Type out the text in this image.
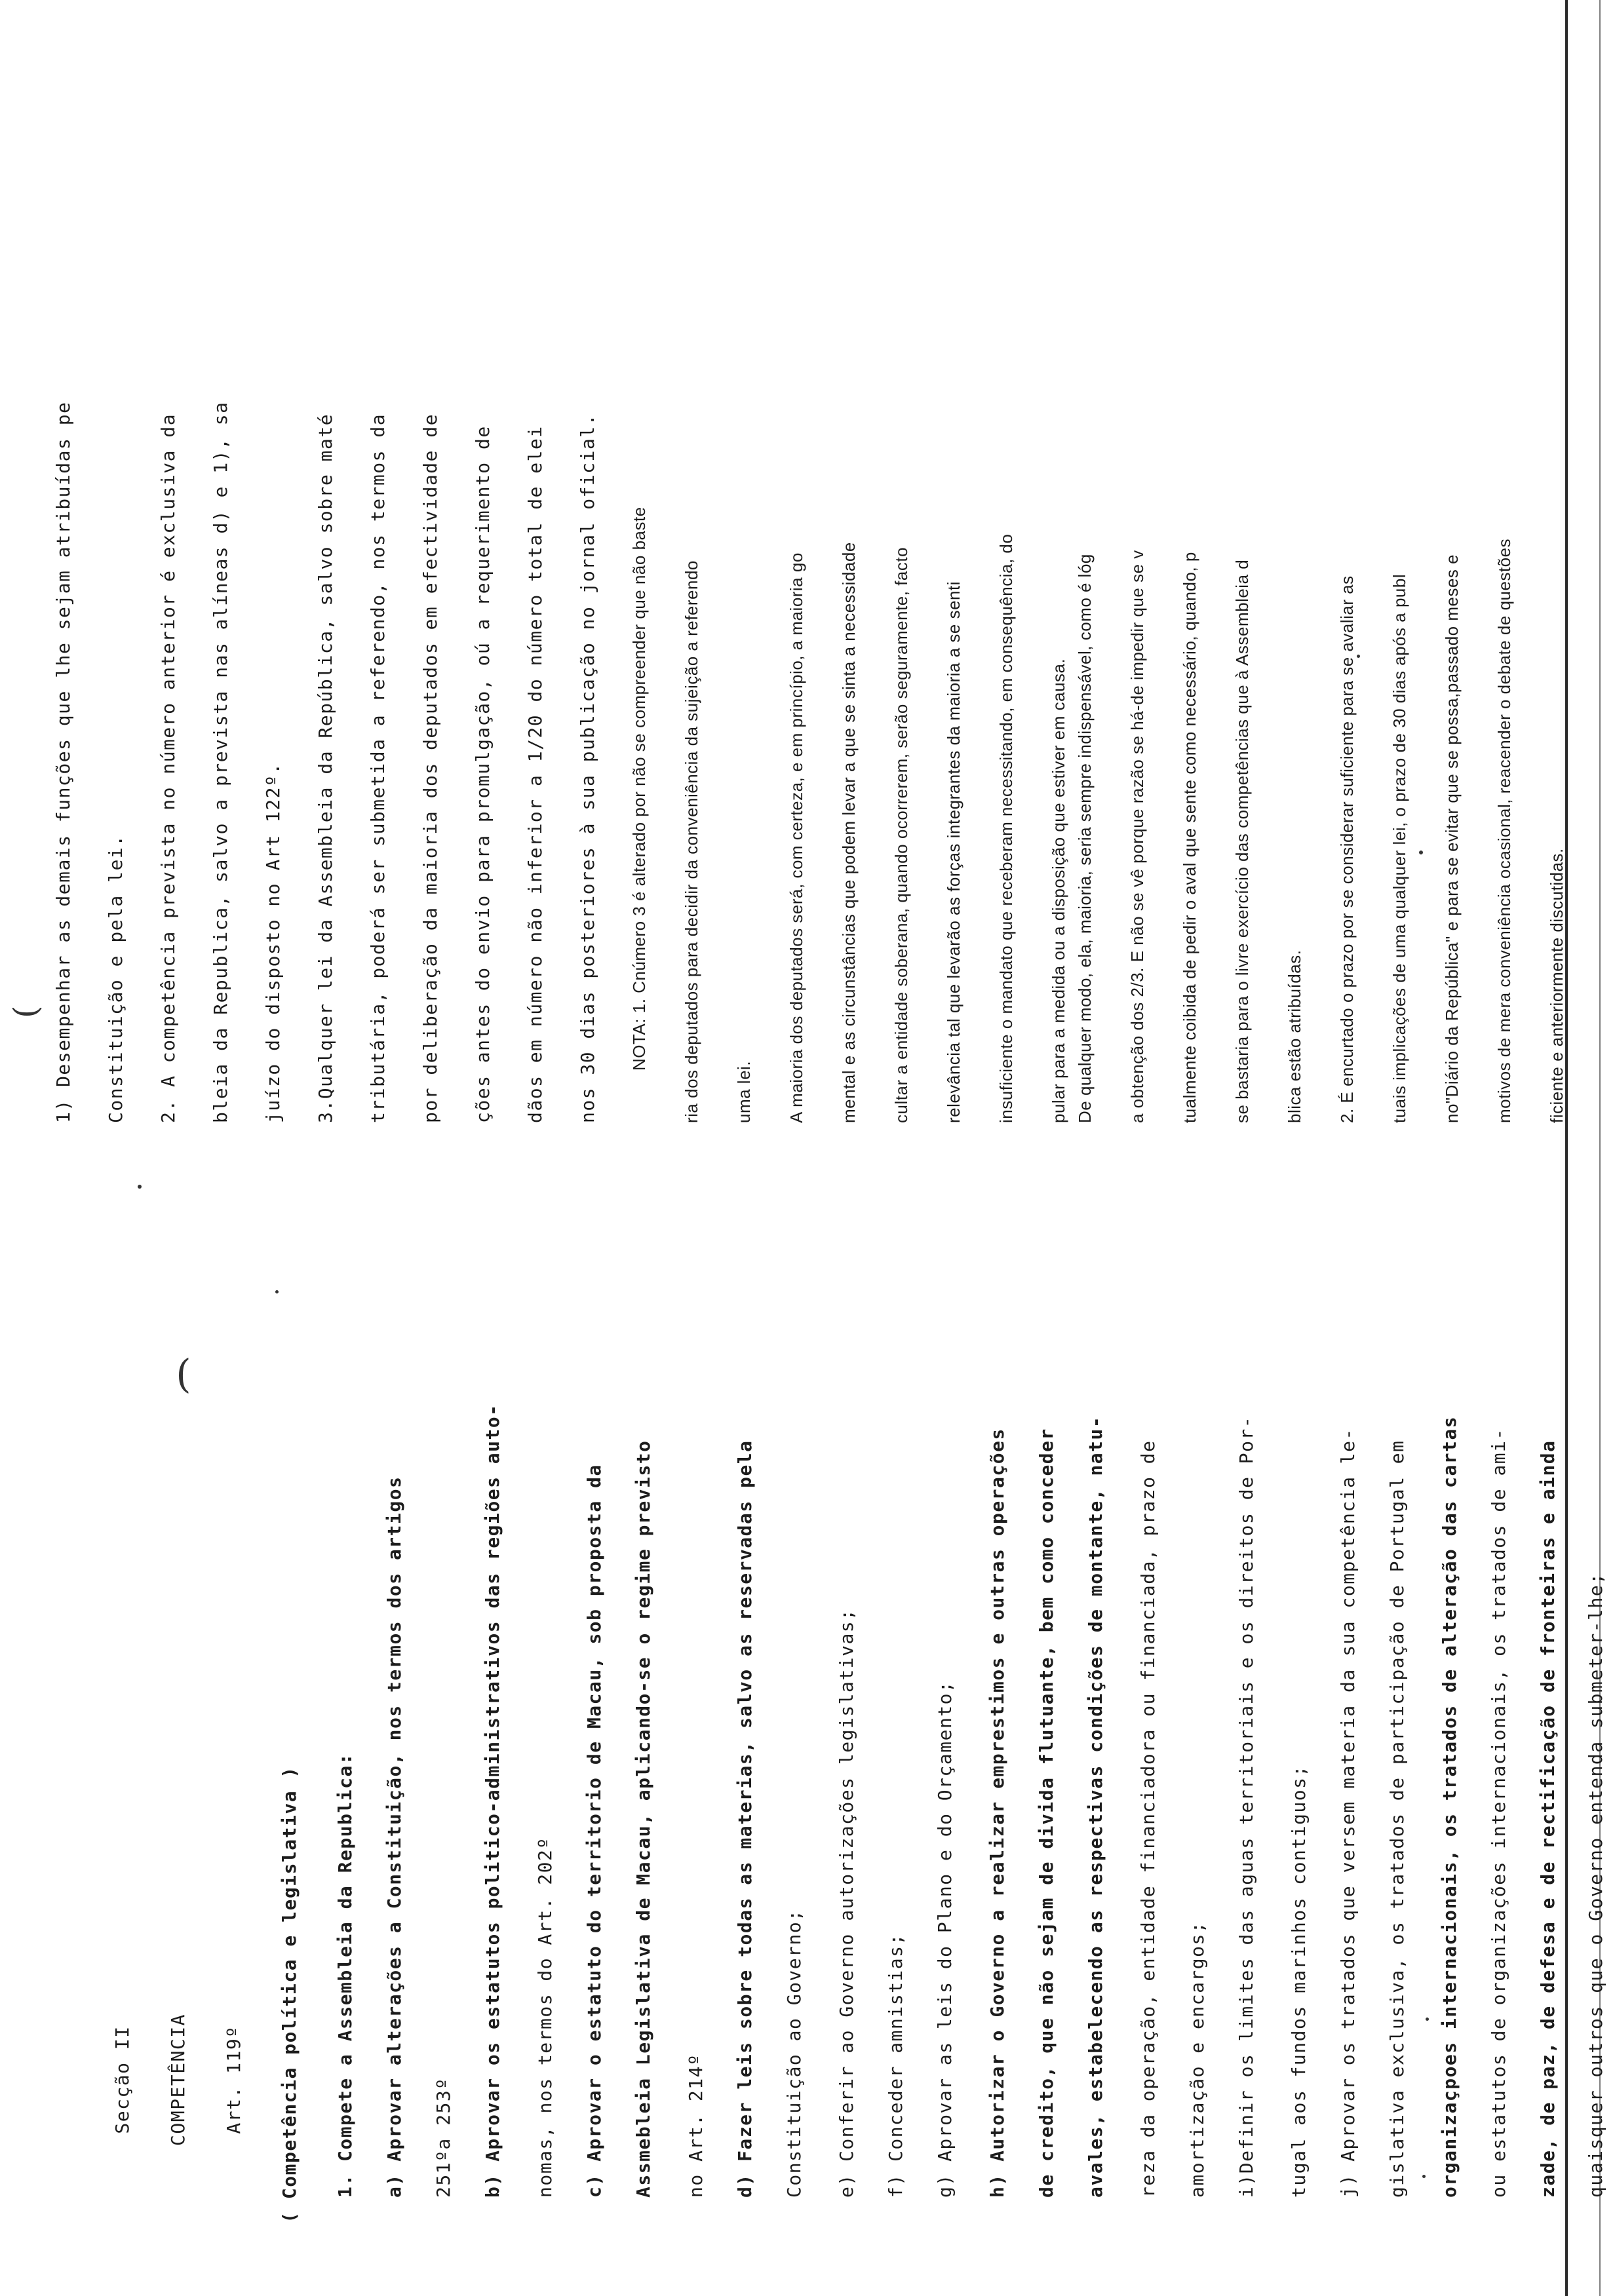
(
(
Secção II COMPETÊNCIA Art. 119º ( Competência política e legislativa ) 1. Compete a Assembleia da Republica: a) Aprovar alterações a Constituição, nos termos dos artigos 251ºa 253º b) Aprovar os estatutos politico-administrativos das regiões auto- nomas, nos termos do Art. 202º c) Aprovar o estatuto do territorio de Macau, sob proposta da Assmebleia Legislativa de Macau, aplicando-se o regime previsto no Art. 214º d) Fazer leis sobre todas as materias, salvo as reservadas pela Constituição ao Governo; e) Conferir ao Governo autorizações legislativas; f) Conceder amnistias; g) Aprovar as leis do Plano e do Orçamento; h) Autorizar o Governo a realizar emprestimos e outras operações de credito, que não sejam de divida flutuante, bem como conceder avales, estabelecendo as respectivas condições de montante, natu- reza da operação, entidade financiadora ou financiada, prazo de amortização e encargos; i)Definir os limites das aguas territoriais e os direitos de Por- tugal aos fundos marinhos contiguos; j) Aprovar os tratados que versem materia da sua competência le- gislativa exclusiva, os tratados de participação de Portugal em organizaçpoes internacionais, os tratados de alteração das cartas ou estatutos de organizações internacionais, os tratados de ami- zade, de paz, de defesa e de rectificação de fronteiras e ainda quaisquer outros que o Governo entenda submeter-lhe;
1) Desempenhar as demais funções que lhe sejam atribuídas pe Constituição e pela lei. 2. A competência prevista no número anterior é exclusiva da bleia da Republica, salvo a prevista nas alíneas d) e 1), sa juízo do disposto no Art 122º. 3.Qualquer lei da Assembleia da República, salvo sobre maté tributária, poderá ser submetida a referendo, nos termos da por deliberação da maioria dos deputados em efectividade de ções antes do envio para promulgação, oú a requerimento de dãos em número não inferior a 1/20 do número total de elei nos 30 dias posteriores à sua publicação no jornal oficial. NOTA: 1. Cnúmero 3 é alterado por não se compreender que não baste ria dos deputados para decidir da conveniência da sujeição a referendo uma lei. A maioria dos deputados será, com certeza, e em princípio, a maioria go mental e as circunstâncias que podem levar a que se sinta a necessidade cultar a entidade soberana, quando ocorrerem, serão seguramente, facto relevância tal que levarão as forças integrantes da maioria a se senti insuficiente o mandato que receberam necessitando, em consequência, do pular para a medida ou a disposição que estiver em causa. De qualquer modo, ela, maioria, seria sempre indispensável, como é lóg a obtenção dos 2/3. E não se vê porque razão se há-de impedir que se v tualmente coibida de pedir o aval que sente como necessário, quando, p se bastaria para o livre exercício das competências que à Assembleia d blica estão atribuídas. 2. É encurtado o prazo por se considerar suficiente para se avaliar as tuais implicações de uma qualquer lei, o prazo de 30 dias após a publ no"Diário da República" e para se evitar que se possa,passado meses e motivos de mera conveniência ocasional, reacender o debate de questões ficiente e anteriormente discutidas.
